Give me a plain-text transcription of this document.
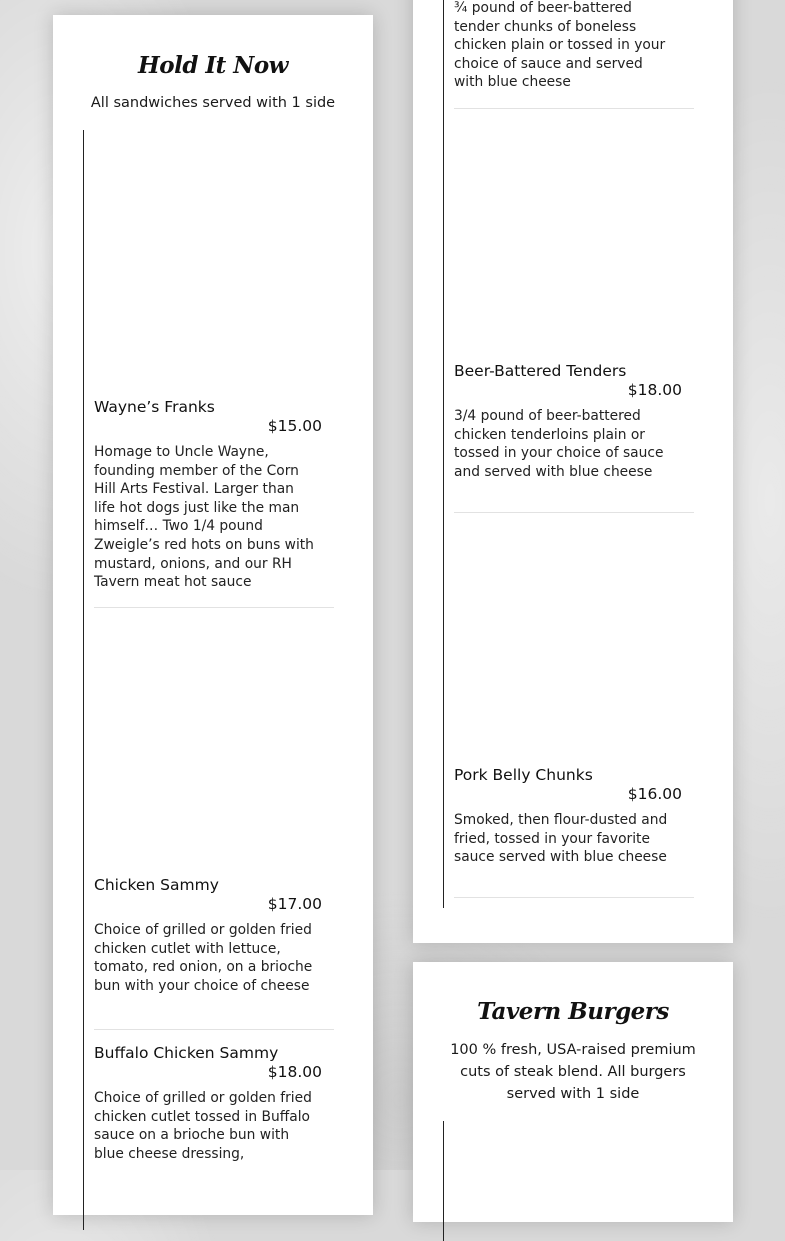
Hold It Now
All sandwiches served with 1 side
Wayne’s Franks
$15.00
Homage to Uncle Wayne, founding member of the Corn Hill Arts Festival. Larger than life hot dogs just like the man himself… Two 1/4 pound Zweigle’s red hots on buns with mustard, onions, and our RH Tavern meat hot sauce
Chicken Sammy
$17.00
Choice of grilled or golden fried chicken cutlet with lettuce, tomato, red onion, on a brioche bun with your choice of cheese
Buffalo Chicken Sammy
$18.00
Choice of grilled or golden fried chicken cutlet tossed in Buffalo sauce on a brioche bun with blue cheese dressing,
¾ pound of beer-battered tender chunks of boneless chicken plain or tossed in your choice of sauce and served with blue cheese
Beer-Battered Tenders
$18.00
3/4 pound of beer-battered chicken tenderloins plain or tossed in your choice of sauce and served with blue cheese
Pork Belly Chunks
$16.00
Smoked, then flour-dusted and fried, tossed in your favorite sauce served with blue cheese
Tavern Burgers
100 % fresh, USA-raised premium cuts of steak blend. All burgers served with 1 side
